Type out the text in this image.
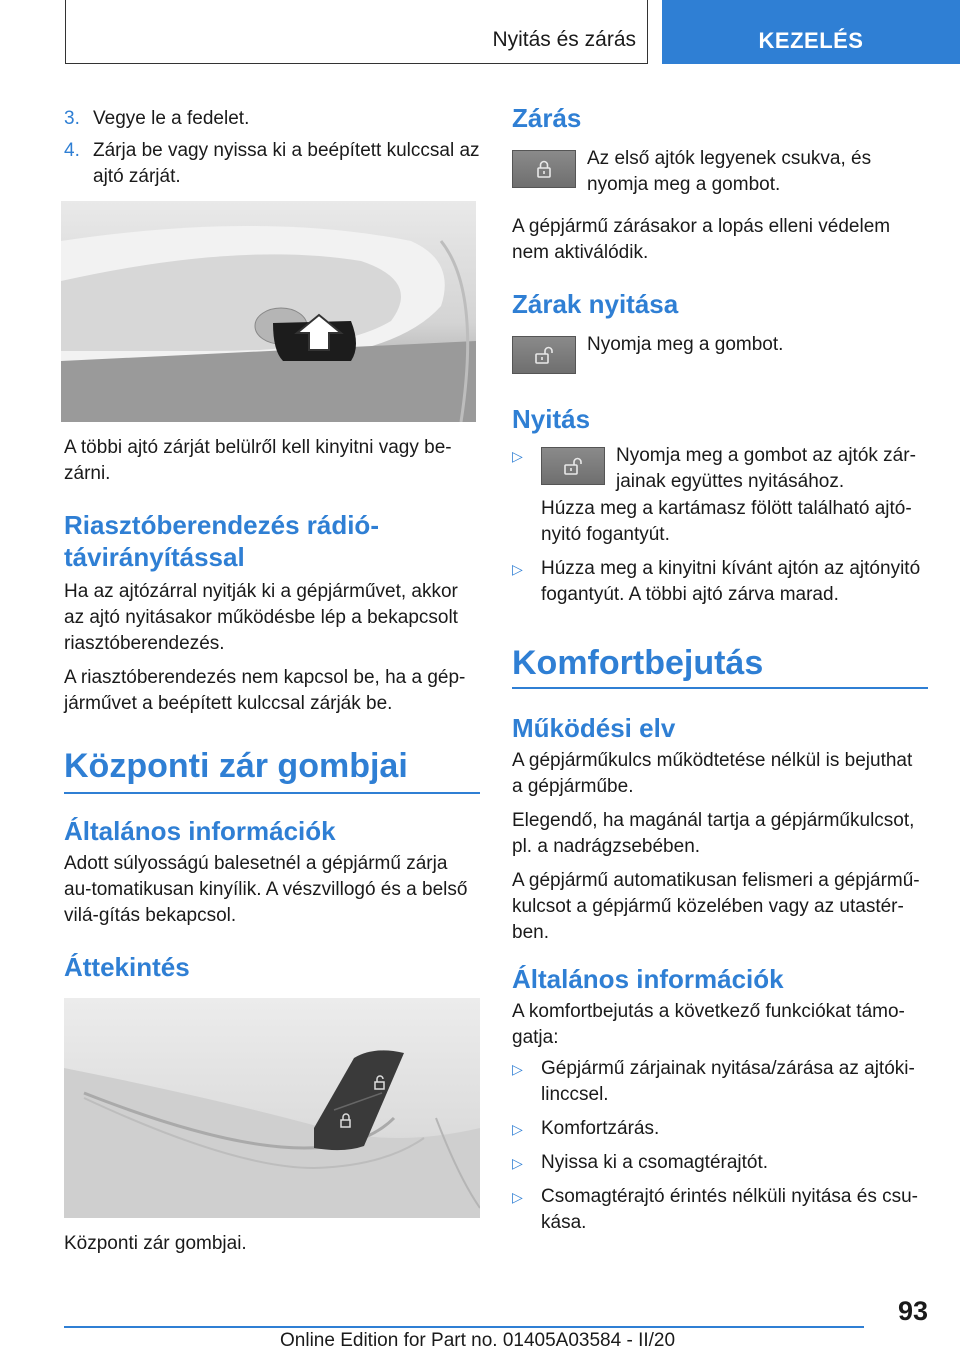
Nyitás és zárás	KEZELÉS
3. Vegye le a fedelet.
4. Zárja be vagy nyissa ki a beépített kulccsal az ajtó zárját.

A többi ajtó zárját belülről kell kinyitni vagy be-zárni.

Riasztóberendezés rádió-távirányítással

Ha az ajtózárral nyitják ki a gépjárművet, akkor az ajtó nyitásakor működésbe lép a bekapcsolt riasztóberendezés.

A riasztóberendezés nem kapcsol be, ha a gép-járművet a beépített kulccsal zárják be.

Központi zár gombjai
Általános információk

Adott súlyosságú balesetnél a gépjármű zárja au-tomatikusan kinyílik. A vészvillogó és a belső vilá-gítás bekapcsol.

Áttekintés

Központi zár gombjai.

Zárás

Az első ajtók legyenek csukva, és nyomja meg a gombot.

A gépjármű zárásakor a lopás elleni védelem nem aktiválódik.

Zárak nyitása

Nyomja meg a gombot.

Nyitás
▷	Nyomja meg a gombot az ajtók zár-jainak együttes nyitásához.

Húzza meg a kartámasz fölött található ajtó-nyitó fogantyút.

▷ Húzza meg a kinyitni kívánt ajtón az ajtónyitó fogantyút. A többi ajtó zárva marad.

Komfortbejutás
Működési elv

A gépjárműkulcs működtetése nélkül is bejuthat a gépjárműbe.

Elegendő, ha magánál tartja a gépjárműkulcsot, pl. a nadrágzsebében.

A gépjármű automatikusan felismeri a gépjármű-kulcsot a gépjármű közelében vagy az utastér-ben.

Általános információk

A komfortbejutás a következő funkciókat támo-gatja:

▷ Gépjármű zárjainak nyitása/zárása az ajtóki-linccsel.
▷ Komfortzárás.
▷ Nyissa ki a csomagtérajtót.
▷ Csomagtérajtó érintés nélküli nyitása és csu-kása.
93
Online Edition for Part no. 01405A03584 - II/20
